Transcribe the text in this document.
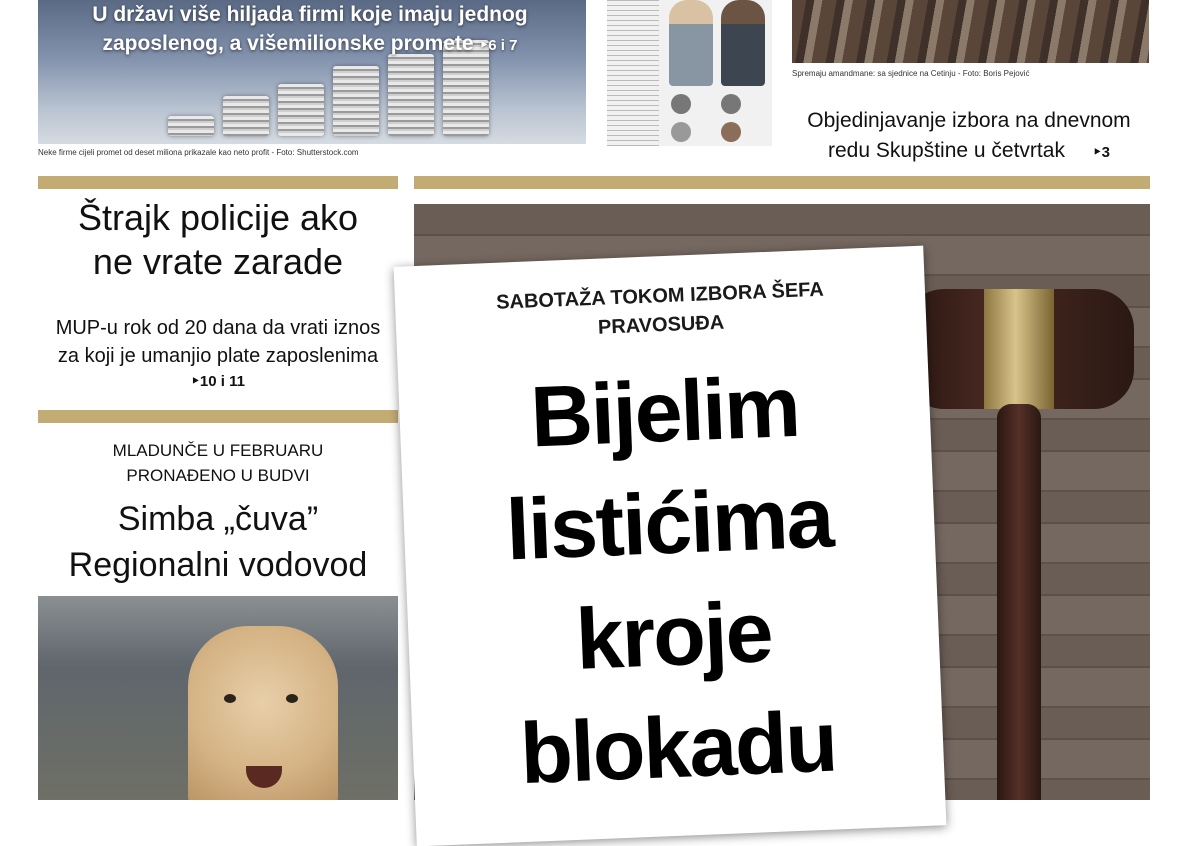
U državi više hiljada firmi koje imaju jednog
zaposlenog, a višemilionske promete ‣6 i 7
Neke firme cijeli promet od deset miliona prikazale kao neto profit - Foto: Shutterstock.com
Spremaju amandmane: sa sjednice na Cetinju - Foto: Boris Pejović
Objedinjavanje izbora na dnevnom
redu Skupštine u četvrtak ‣3
Štrajk policije ako
ne vrate zarade
MUP-u rok od 20 dana da vrati iznos
za koji je umanjio plate zaposlenima
‣10 i 11
MLADUNČE U FEBRUARU
PRONAĐENO U BUDVI
Simba „čuva”
Regionalni vodovod
SABOTAŽA TOKOM IZBORA ŠEFA
PRAVOSUĐA
Bijelim
listićima
kroje
blokadu
